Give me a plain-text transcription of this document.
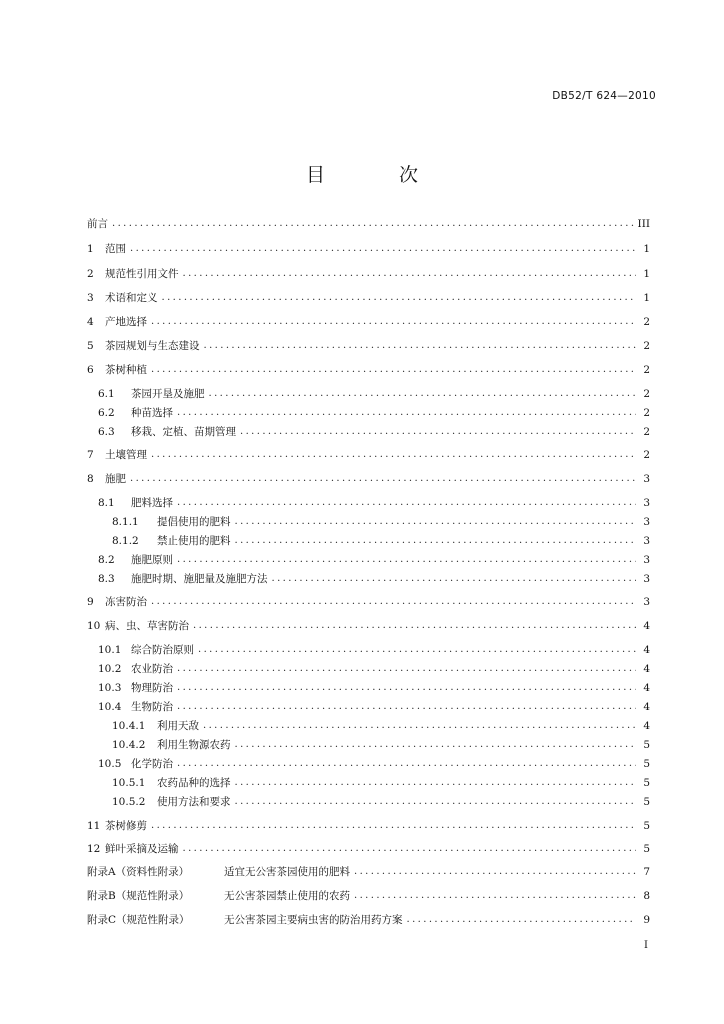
DB52/T 624—2010
目 次
前言 .....	III
1	范围 .....	1
2	规范性引用文件 .....	1
3	术语和定义 .....	1
4	产地选择 .....	2
5	茶园规划与生态建设 .....	2
6	茶树种植 .....	2
6.1	茶园开垦及施肥 .....	2
6.2	种苗选择 .....	2
6.3	移栽、定植、苗期管理 .....	2
7	土壤管理 .....	2
8	施肥 .....	3
8.1	肥料选择 .....	3
8.1.1	提倡使用的肥料 .....	3
8.1.2	禁止使用的肥料 .....	3
8.2	施肥原则 .....	3
8.3	施肥时期、施肥量及施肥方法 .....	3
9	冻害防治 .....	3
10 病、虫、草害防治 .....	4
10.1 综合防治原则 .....	4
10.2 农业防治 .....	4
10.3 物理防治 .....	4
10.4 生物防治 .....	4
10.4.1	利用天敌 .....	4
10.4.2	利用生物源农药 .....	5
10.5 化学防治 .....	5
10.5.1	农药品种的选择 .....	5
10.5.2	使用方法和要求 .....	5
11 茶树修剪 .....	5
12 鲜叶采摘及运输 .....	5
附录A（资料性附录）	适宜无公害茶园使用的肥料 .....	7
附录B（规范性附录）	无公害茶园禁止使用的农药 .....	8
附录C（规范性附录）	无公害茶园主要病虫害的防治用药方案 .....	9
I
